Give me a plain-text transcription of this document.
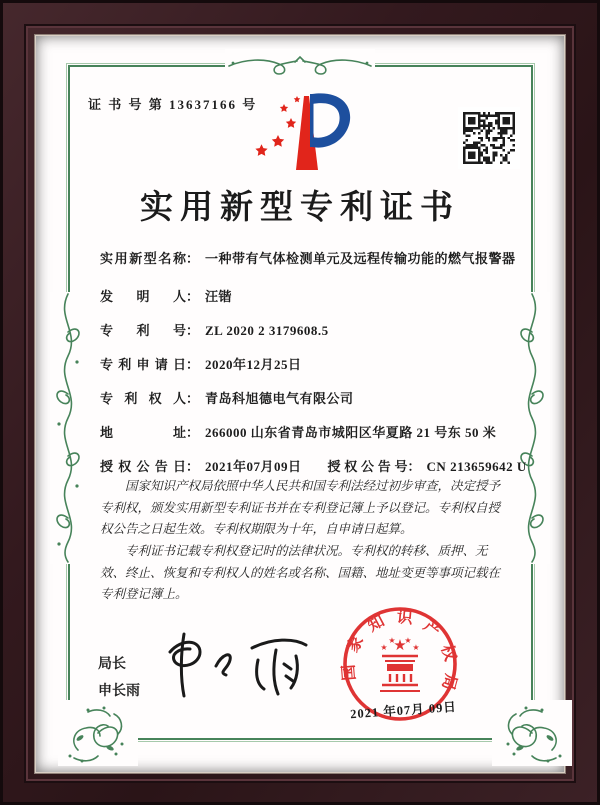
证 书 号 第 13637166 号
实用新型专利证书
实用新型名称： 一种带有气体检测单元及远程传输功能的燃气报警器
发明人： 汪锴
专利号： ZL 2020 2 3179608.5
专利申请日： 2020年12月25日
专利权人： 青岛科旭德电气有限公司
地址： 266000 山东省青岛市城阳区华夏路 21 号东 50 米
授权公告日： 2021年07月09日 授权公告号： CN 213659642 U

国家知识产权局依照中华人民共和国专利法经过初步审查，决定授予专利权，颁发实用新型专利证书并在专利登记簿上予以登记。专利权自授权公告之日起生效。专利权期限为十年，自申请日起算。

专利证书记载专利权登记时的法律状况。专利权的转移、质押、无效、终止、恢复和专利权人的姓名或名称、国籍、地址变更等事项记载在专利登记簿上。

局长
申长雨
国家知识产权局
★
★
★ ★
★
2021 年07月 09日
